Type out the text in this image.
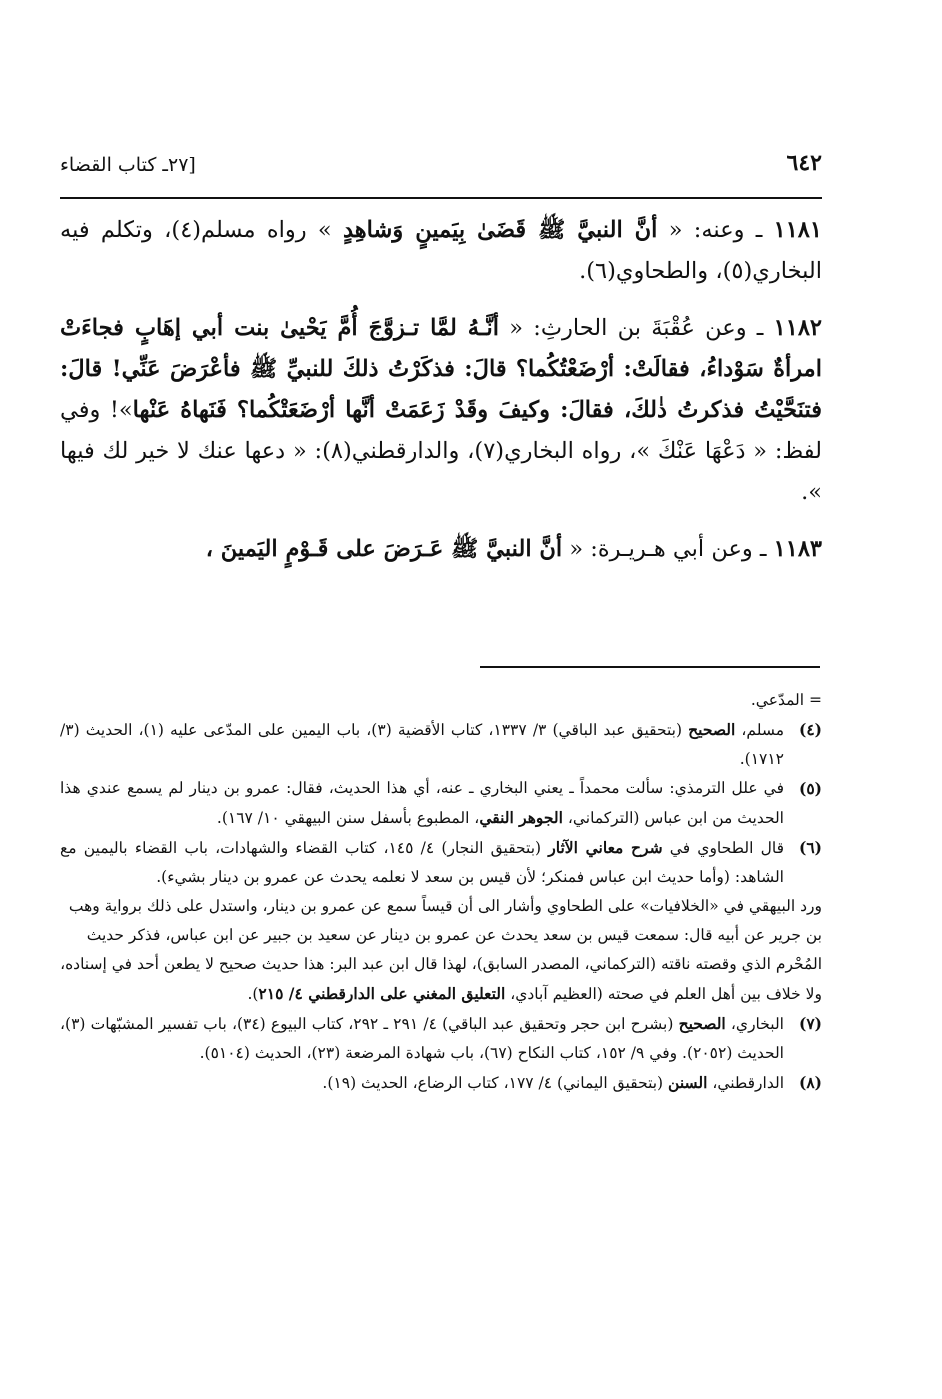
٦٤٢
[٢٧ـ كتاب القضاء

١١٨١ ـ وعنه: « أنَّ النبيَّ ﷺ قَضَىٰ بِيَمينٍ وَشاهِدٍ » رواه مسلم(٤)، وتكلم فيه البخاري(٥)، والطحاوي(٦).

١١٨٢ ـ وعن عُقْبَةَ بن الحارثِ: « أنَّـهُ لمَّا تـزوَّجَ أُمَّ يَحْيىٰ بنت أبي إهَابٍ فجاءَتْ امرأةٌ سَوْداءُ، فقالَتْ: أرْضَعْتُكُما؟ قالَ: فذكَرْتُ ذلكَ للنبيِّ ﷺ فأعْرَضَ عَنِّي! قالَ: فتنَحَّيْتُ فذكرتُ ذٰلكَ، فقالَ: وكيفَ وقَدْ زَعَمَتْ أنَّها أرْضَعَتْكُما؟ فَنَهاهُ عَنْها»! وفي لفظ: « دَعْهَا عَنْكَ »، رواه البخاري(٧)، والدارقطني(٨): « دعها عنك لا خير لك فيها ».

١١٨٣ ـ وعن أبي هـريـرة: « أنَّ النبيَّ ﷺ عَـرَضَ على قَـوْمٍ اليَمينَ ،

= المدّعي.

(٤)
مسلم، الصحيح (بتحقيق عبد الباقي) ٣/ ١٣٣٧، كتاب الأقضية (٣)، باب اليمين على المدّعى عليه (١)، الحديث (٣/ ١٧١٢).

(٥)
في علل الترمذي: سألت محمداً ـ يعني البخاري ـ عنه، أي هذا الحديث، فقال: عمرو بن دينار لم يسمع عندي هذا الحديث من ابن عباس (التركماني، الجوهر النقي، المطبوع بأسفل سنن البيهقي ١٠/ ١٦٧).

(٦)
قال الطحاوي في شرح معاني الآثار (بتحقيق النجار) ٤/ ١٤٥، كتاب القضاء والشهادات، باب القضاء باليمين مع الشاهد: (وأما حديث ابن عباس فمنكر؛ لأن قيس بن سعد لا نعلمه يحدث عن عمرو بن دينار بشيء).

ورد البيهقي في «الخلافيات» على الطحاوي وأشار الى أن قيساً سمع عن عمرو بن دينار، واستدل على ذلك برواية وهب بن جرير عن أبيه قال: سمعت قيس بن سعد يحدث عن عمرو بن دينار عن سعيد بن جبير عن ابن عباس، فذكر حديث المُحْرم الذي وقصته ناقته (التركماني، المصدر السابق)، لهذا قال ابن عبد البر: هذا حديث صحيح لا يطعن أحد في إسناده، ولا خلاف بين أهل العلم في صحته (العظيم آبادي، التعليق المغني على الدارقطني ٤/ ٢١٥).

(٧)
البخاري، الصحيح (بشرح ابن حجر وتحقيق عبد الباقي) ٤/ ٢٩١ ـ ٢٩٢، كتاب البيوع (٣٤)، باب تفسير المشبّهات (٣)، الحديث (٢٠٥٢). وفي ٩/ ١٥٢، كتاب النكاح (٦٧)، باب شهادة المرضعة (٢٣)، الحديث (٥١٠٤).

(٨)
الدارقطني، السنن (بتحقيق اليماني) ٤/ ١٧٧، كتاب الرضاع، الحديث (١٩).
